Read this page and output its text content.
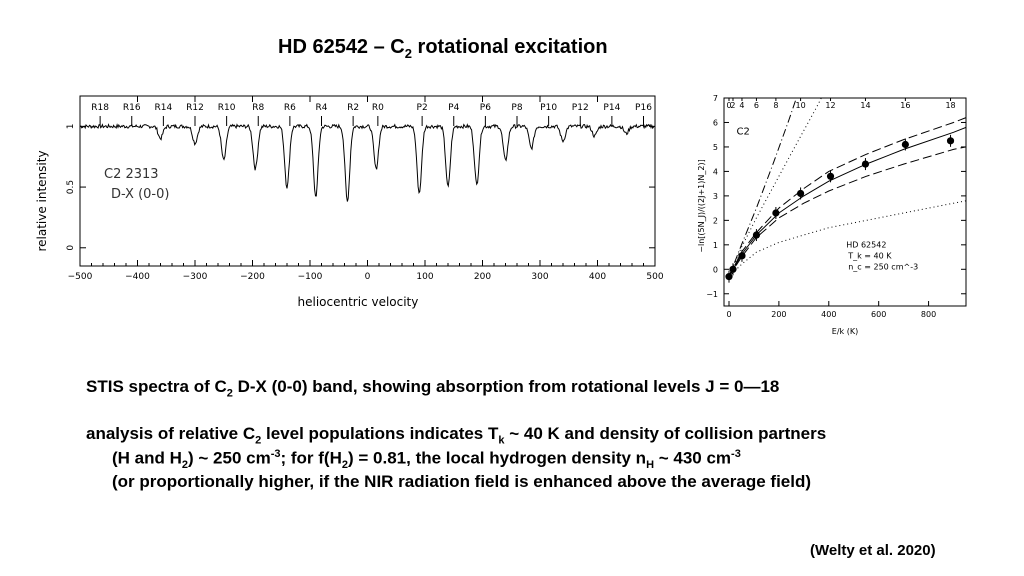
HD $62542 - C_2$ rotational excitation
−500	−400	−300	−200	−100	0	100	200	300	400	500
0
0.5
1
heliocentric velocity
relative intensity
R18 R16 R14 R12 R10 R8 R6 R4 R2 R0	P2 P4 P6 P8 P10 P12 P14 P16
C2 2313
D-X (0-0)
0	200	400	600	800
−1
0
1
2
3
4
5
6
7
0
2 4 6 8 10 12	14	16	18
E/k (K)
−ln[(5N_J)/((2J+1)N_2)]
C2
HD 62542
T_k = 40 K
n_c = 250 cm^-3
STIS spectra of $C_2$ D-X (0-0) band, showing absorption from rotational levels J = 0—18
analysis of relative $C_2$ level populations indicates $T_k$ ~ 40 K and density of collision partners
(H and $H_2$) ~ 250 $cm^{-3}$; for $f(H_2) = 0.81$, the local hydrogen density $n_H$ ~ 430 $cm^{-3}$
(or proportionally higher, if the NIR radiation field is enhanced above the average field)
(Welty et al. 2020)
